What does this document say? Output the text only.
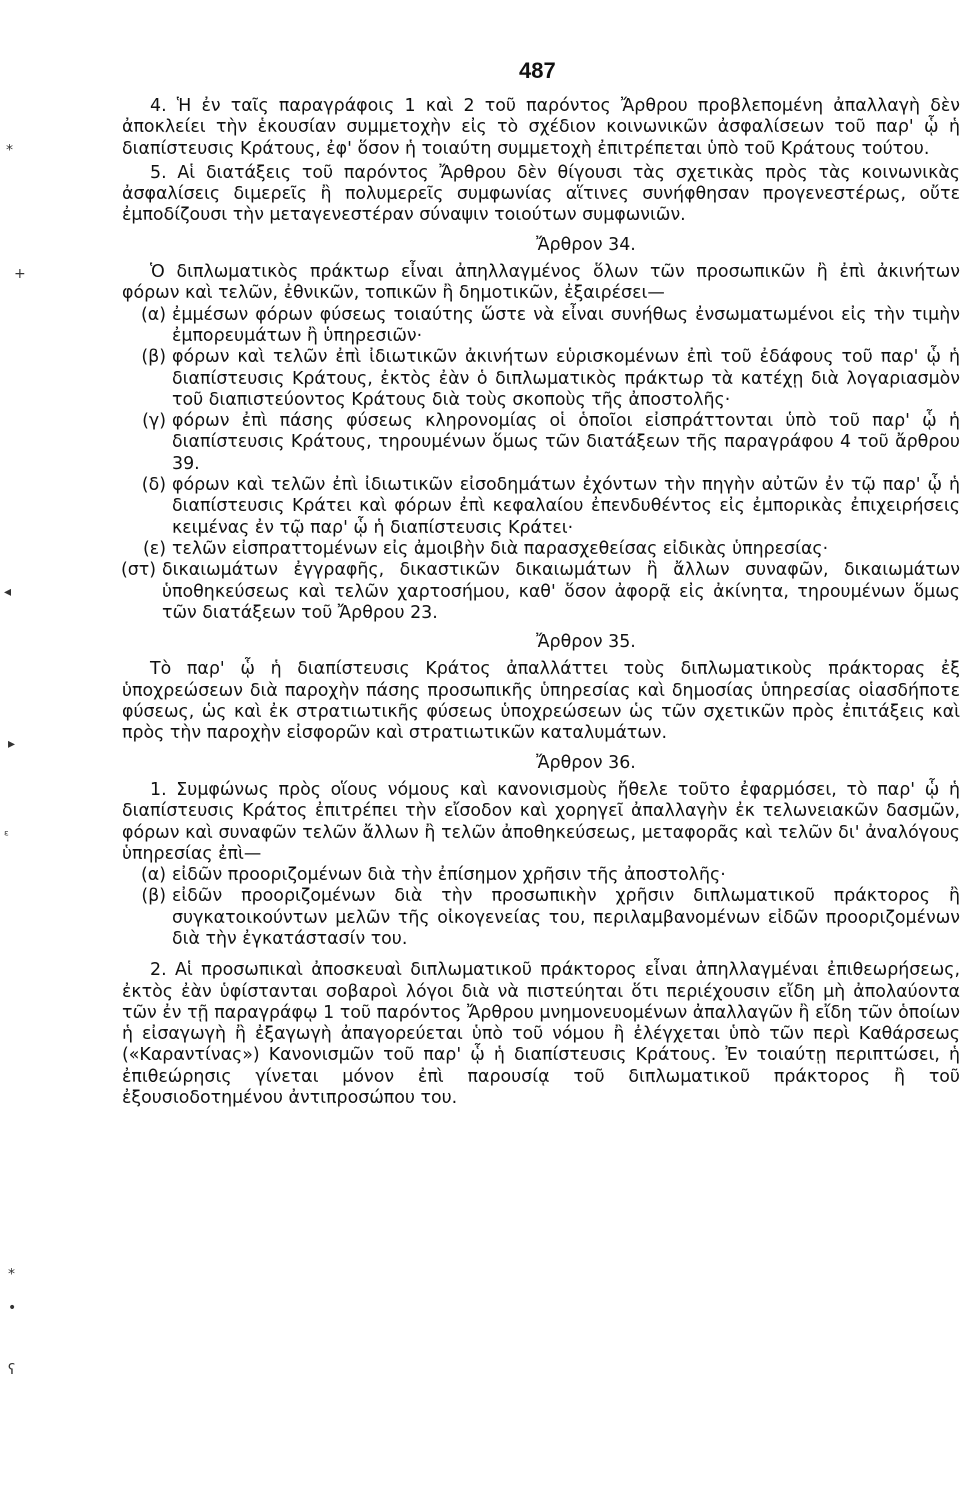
487
⁎
+
◂
▸
ᵋ
⁎
•
ʕ

4. Ἡ ἐν ταῖς παραγράφοις 1 καὶ 2 τοῦ παρόντος Ἄρθρου προβλεπομένη ἀπαλλαγὴ δὲν ἀποκλείει τὴν ἑκουσίαν συμμετοχὴν εἰς τὸ σχέδιον κοινωνικῶν ἀσφαλίσεων τοῦ παρ' ᾧ ἡ διαπίστευσις Κράτους, ἐφ' ὅσον ἡ τοιαύτη συμμετοχὴ ἐπιτρέπεται ὑπὸ τοῦ Κράτους τούτου.

5. Αἱ διατάξεις τοῦ παρόντος Ἄρθρου δὲν θίγουσι τὰς σχετικὰς πρὸς τὰς κοινωνικὰς ἀσφαλίσεις διμερεῖς ἢ πολυμερεῖς συμφωνίας αἵτινες συνήφθησαν προγενεστέρως, οὔτε ἐμποδίζουσι τὴν μεταγενεστέραν σύναψιν τοιούτων συμφωνιῶν.

Ἄρθρον 34.

Ὁ διπλωματικὸς πράκτωρ εἶναι ἀπηλλαγμένος ὅλων τῶν προσωπικῶν ἢ ἐπὶ ἀκινήτων φόρων καὶ τελῶν, ἐθνικῶν, τοπικῶν ἢ δημοτικῶν, ἐξαιρέσει—

(α) ἐμμέσων φόρων φύσεως τοιαύτης ὥστε νὰ εἶναι συνήθως ἐνσωματωμένοι εἰς τὴν τιμὴν ἐμπορευμάτων ἢ ὑπηρεσιῶν·
(β) φόρων καὶ τελῶν ἐπὶ ἰδιωτικῶν ἀκινήτων εὑρισκομένων ἐπὶ τοῦ ἐδάφους τοῦ παρ' ᾧ ἡ διαπίστευσις Κράτους, ἐκτὸς ἐὰν ὁ διπλωματικὸς πράκτωρ τὰ κατέχῃ διὰ λογαριασμὸν τοῦ διαπιστεύοντος Κράτους διὰ τοὺς σκοποὺς τῆς ἀποστολῆς·
(γ) φόρων ἐπὶ πάσης φύσεως κληρονομίας οἱ ὁποῖοι εἰσπράττονται ὑπὸ τοῦ παρ' ᾧ ἡ διαπίστευσις Κράτους, τηρουμένων ὅμως τῶν διατάξεων τῆς παραγράφου 4 τοῦ ἄρθρου 39.
(δ) φόρων καὶ τελῶν ἐπὶ ἰδιωτικῶν εἰσοδημάτων ἐχόντων τὴν πηγὴν αὐτῶν ἐν τῷ παρ' ᾧ ἡ διαπίστευσις Κράτει καὶ φόρων ἐπὶ κεφαλαίου ἐπενδυθέντος εἰς ἐμπορικὰς ἐπιχειρήσεις κειμένας ἐν τῷ παρ' ᾧ ἡ διαπίστευσις Κράτει·
(ε) τελῶν εἰσπραττομένων εἰς ἀμοιβὴν διὰ παρασχεθείσας εἰδικὰς ὑπηρεσίας·
(στ) δικαιωμάτων ἐγγραφῆς, δικαστικῶν δικαιωμάτων ἢ ἄλλων συναφῶν, δικαιωμάτων ὑποθηκεύσεως καὶ τελῶν χαρτοσήμου, καθ' ὅσον ἀφορᾷ εἰς ἀκίνητα, τηρουμένων ὅμως τῶν διατάξεων τοῦ Ἄρθρου 23.

Ἄρθρον 35.

Τὸ παρ' ᾧ ἡ διαπίστευσις Κράτος ἀπαλλάττει τοὺς διπλωματικοὺς πράκτορας ἐξ ὑποχρεώσεων διὰ παροχὴν πάσης προσωπικῆς ὑπηρεσίας καὶ δημοσίας ὑπηρεσίας οἱασδήποτε φύσεως, ὡς καὶ ἐκ στρατιωτικῆς φύσεως ὑποχρεώσεων ὡς τῶν σχετικῶν πρὸς ἐπιτάξεις καὶ πρὸς τὴν παροχὴν εἰσφορῶν καὶ στρατιωτικῶν καταλυμάτων.

Ἄρθρον 36.

1. Συμφώνως πρὸς οἵους νόμους καὶ κανονισμοὺς ἤθελε τοῦτο ἐφαρμόσει, τὸ παρ' ᾧ ἡ διαπίστευσις Κράτος ἐπιτρέπει τὴν εἴσοδον καὶ χορηγεῖ ἀπαλλαγὴν ἐκ τελωνειακῶν δασμῶν, φόρων καὶ συναφῶν τελῶν ἄλλων ἢ τελῶν ἀποθηκεύσεως, μεταφορᾶς καὶ τελῶν δι' ἀναλόγους ὑπηρεσίας ἐπὶ—

(α) εἰδῶν προοριζομένων διὰ τὴν ἐπίσημον χρῆσιν τῆς ἀποστολῆς·
(β) εἰδῶν προοριζομένων διὰ τὴν προσωπικὴν χρῆσιν διπλωματικοῦ πράκτορος ἢ συγκατοικούντων μελῶν τῆς οἰκογενείας του, περιλαμβανομένων εἰδῶν προοριζομένων διὰ τὴν ἐγκατάστασίν του.

2. Αἱ προσωπικαὶ ἀποσκευαὶ διπλωματικοῦ πράκτορος εἶναι ἀπηλλαγμέναι ἐπιθεωρήσεως, ἐκτὸς ἐὰν ὑφίστανται σοβαροὶ λόγοι διὰ νὰ πιστεύηται ὅτι περιέχουσιν εἴδη μὴ ἀπολαύοντα τῶν ἐν τῇ παραγράφῳ 1 τοῦ παρόντος Ἄρθρου μνημονευομένων ἀπαλλαγῶν ἢ εἴδη τῶν ὁποίων ἡ εἰσαγωγὴ ἢ ἐξαγωγὴ ἀπαγορεύεται ὑπὸ τοῦ νόμου ἢ ἐλέγχεται ὑπὸ τῶν περὶ Καθάρσεως («Καραντίνας») Κανονισμῶν τοῦ παρ' ᾧ ἡ διαπίστευσις Κράτους. Ἐν τοιαύτῃ περιπτώσει, ἡ ἐπιθεώρησις γίνεται μόνον ἐπὶ παρουσίᾳ τοῦ διπλωματικοῦ πράκτορος ἢ τοῦ ἐξουσιοδοτημένου ἀντιπροσώπου του.
